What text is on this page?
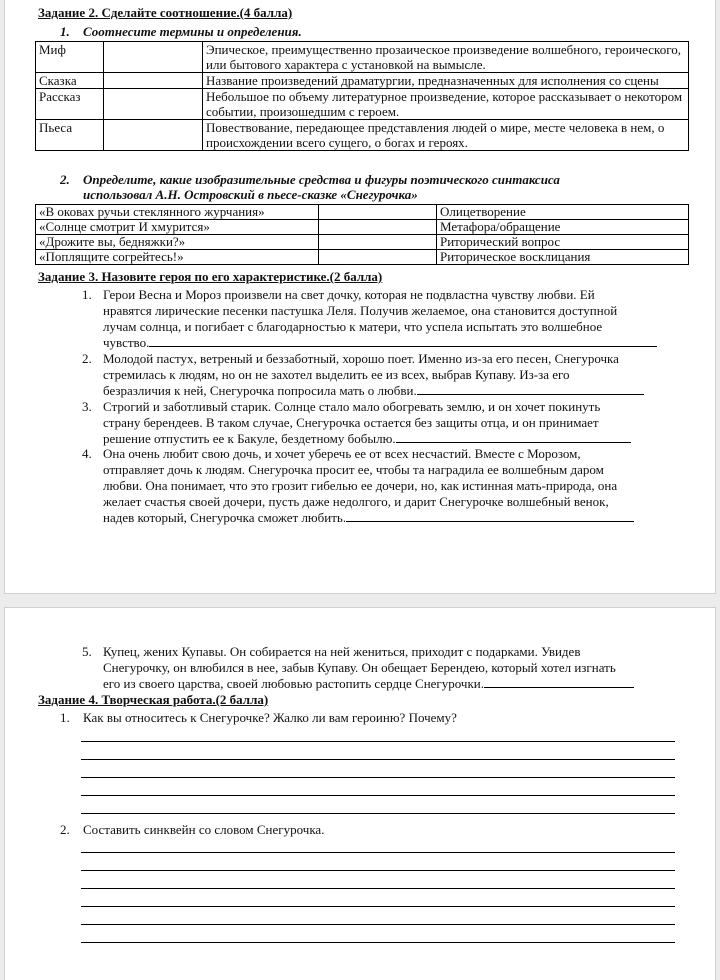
Задание 2. Сделайте соотношение.(4 балла)
1. Соотнесите термины и определения.
Миф		Эпическое, преимущественно прозаическое произведение волшебного, героического, или бытового характера с установкой на вымысле.
Сказка		Название произведений драматургии, предназначенных для исполнения со сцены
Рассказ		Небольшое по объему литературное произведение, которое рассказывает о некотором событии, произошедшим с героем.
Пьеса		Повествование, передающее представления людей о мире, месте человека в нем, о происхождении всего сущего, о богах и героях.
2. Определите, какие изобразительные средства и фигуры поэтического синтаксиса
использовал А.Н. Островский в пьесе-сказке «Снегурочка»
«В оковах ручьи стеклянного журчания»		Олицетворение
«Солнце смотрит И хмурится»		Метафора/обращение
«Дрожите вы, бедняжки?»		Риторический вопрос
«Поплящите согрейтесь!»		Риторическое восклицания
Задание 3. Назовите героя по его характеристике.(2 балла)
1. Герои Весна и Мороз произвели на свет дочку, которая не подвластна чувству любви. Ей
нравятся лирические песенки пастушка Леля. Получив желаемое, она становится доступной
лучам солнца, и погибает с благодарностью к матери, что успела испытать это волшебное
чувство.
2. Молодой пастух, ветреный и беззаботный, хорошо поет. Именно из-за его песен, Снегурочка
стремилась к людям, но он не захотел выделить ее из всех, выбрав Купаву. Из-за его
безразличия к ней, Снегурочка попросила мать о любви.
3. Строгий и заботливый старик. Солнце стало мало обогревать землю, и он хочет покинуть
страну берендеев. В таком случае, Снегурочка остается без защиты отца, и он принимает
решение отпустить ее к Бакуле, бездетному бобылю.
4. Она очень любит свою дочь, и хочет уберечь ее от всех несчастий. Вместе с Морозом,
отправляет дочь к людям. Снегурочка просит ее, чтобы та наградила ее волшебным даром
любви. Она понимает, что это грозит гибелью ее дочери, но, как истинная мать-природа, она
желает счастья своей дочери, пусть даже недолгого, и дарит Снегурочке волшебный венок,
надев который, Снегурочка сможет любить.
5. Купец, жених Купавы. Он собирается на ней жениться, приходит с подарками. Увидев
Снегурочку, он влюбился в нее, забыв Купаву. Он обещает Берендею, который хотел изгнать
его из своего царства, своей любовью растопить сердце Снегурочки.
Задание 4. Творческая работа.(2 балла)
1. Как вы относитесь к Снегурочке? Жалко ли вам героиню? Почему?
2. Составить синквейн со словом Снегурочка.
